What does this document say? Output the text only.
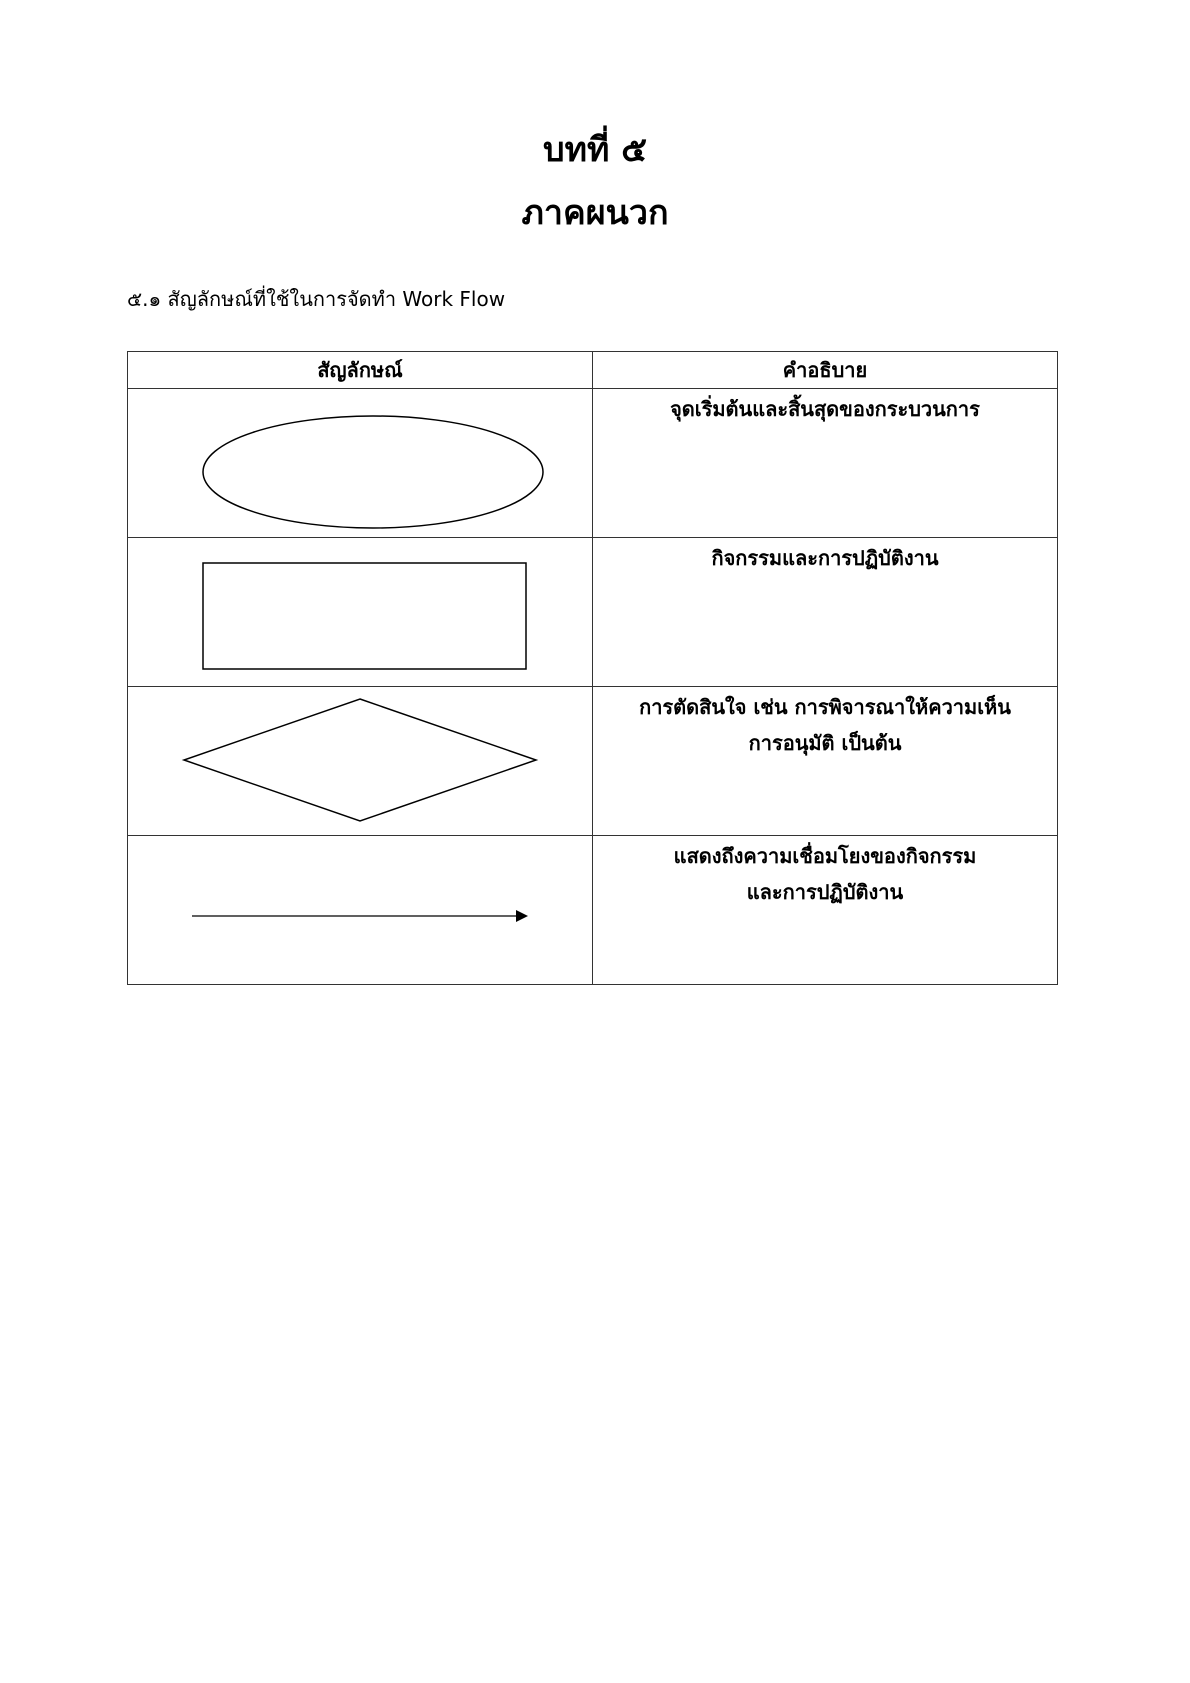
บทที่ ๕
ภาคผนวก
๕.๑ สัญลักษณ์ที่ใช้ในการจัดทำ Work Flow
สัญลักษณ์	คำอธิบาย

จุดเริ่มต้นและสิ้นสุดของกระบวนการ

กิจกรรมและการปฏิบัติงาน

การตัดสินใจ เช่น การพิจารณาให้ความเห็น
การอนุมัติ เป็นต้น

แสดงถึงความเชื่อมโยงของกิจกรรม
และการปฏิบัติงาน
